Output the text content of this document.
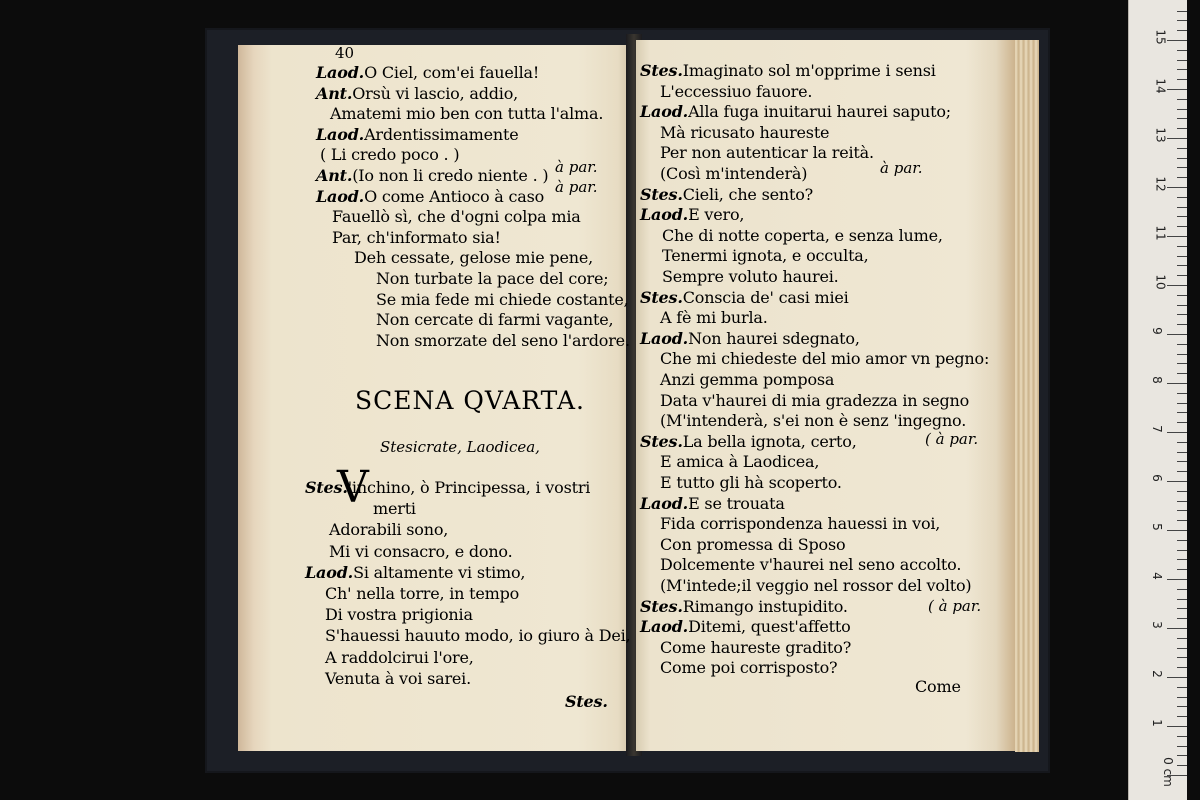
40
Laod.O Ciel, com'ei fauella!
Ant.Orsù vi lascio, addio,
Amatemi mio ben con tutta l'alma.
Laod.Ardentissimamente
( Li credo poco . )
Ant.(Io non li credo niente . )
Laod.O come Antioco à caso
Fauellò sì, che d'ogni colpa mia
Par, ch'informato sia!
Deh cessate, gelose mie pene,
Non turbate la pace del core;
Se mia fede mi chiede costante,
Non cercate di farmi vagante,
Non smorzate del seno l'ardore.
à par.
à par.
SCENA QVARTA.
Stesicrate, Laodicea,
V
Stes.'inchino, ò Principessa, i vostri
merti
Adorabili sono,
Mi vi consacro, e dono.
Laod.Si altamente vi stimo,
Ch' nella torre, in tempo
Di vostra prigionia
S'hauessi hauuto modo, io giuro à Dei,
A raddolcirui l'ore,
Venuta à voi sarei.
Stes.
Stes.Imaginato sol m'opprime i sensi
L'eccessiuo fauore.
Laod.Alla fuga inuitarui haurei saputo;
Mà ricusato haureste
Per non autenticar la reità.
(Così m'intenderà)
Stes.Cieli, che sento?
Laod.E vero,
Che di notte coperta, e senza lume,
Tenermi ignota, e occulta,
Sempre voluto haurei.
Stes.Conscia de' casi miei
A fè mi burla.
Laod.Non haurei sdegnato,
Che mi chiedeste del mio amor vn pegno:
Anzi gemma pomposa
Data v'haurei di mia gradezza in segno
(M'intenderà, s'ei non è senz 'ingegno.
Stes.La bella ignota, certo,
E amica à Laodicea,
E tutto gli hà scoperto.
Laod.E se trouata
Fida corrispondenza hauessi in voi,
Con promessa di Sposo
Dolcemente v'haurei nel seno accolto.
(M'intede;il veggio nel rossor del volto)
Stes.Rimango instupidito.
Laod.Ditemi, quest'affetto
Come haureste gradito?
Come poi corrisposto?
à par.
( à par.
( à par.
Come
0 cm
1
2
3
4
5
6
7
8
9
10
11
12
13
14
15
